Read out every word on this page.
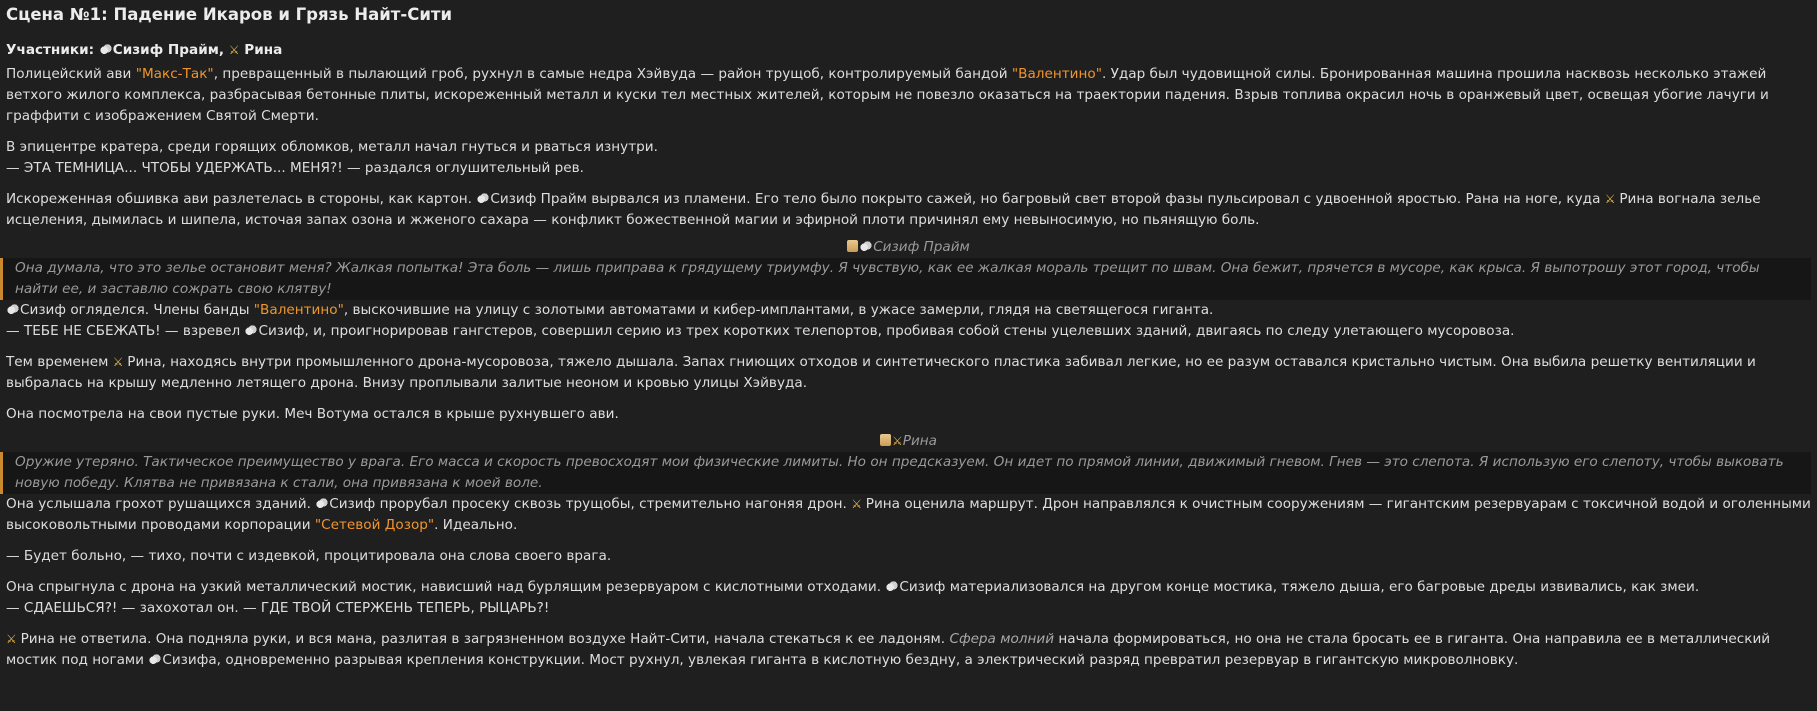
Сцена №1: Падение Икаров и Грязь Найт-Сити
Участники: Сизиф Прайм, ⚔ Рина

Полицейский ави "Макс-Так", превращенный в пылающий гроб, рухнул в самые недра Хэйвуда — район трущоб, контролируемый бандой "Валентино". Удар был чудовищной силы. Бронированная машина прошила насквозь несколько этажей ветхого жилого комплекса, разбрасывая бетонные плиты, искореженный металл и куски тел местных жителей, которым не повезло оказаться на траектории падения. Взрыв топлива окрасил ночь в оранжевый цвет, освещая убогие лачуги и граффити с изображением Святой Смерти.

В эпицентре кратера, среди горящих обломков, металл начал гнуться и рваться изнутри.
— ЭТА ТЕМНИЦА... ЧТОБЫ УДЕРЖАТЬ... МЕНЯ?! — раздался оглушительный рев.

Искореженная обшивка ави разлетелась в стороны, как картон. Сизиф Прайм вырвался из пламени. Его тело было покрыто сажей, но багровый свет второй фазы пульсировал с удвоенной яростью. Рана на ноге, куда ⚔ Рина вогнала зелье исцеления, дымилась и шипела, источая запах озона и жженого сахара — конфликт божественной магии и эфирной плоти причинял ему невыносимую, но пьянящую боль.

Сизиф Прайм
Она думала, что это зелье остановит меня? Жалкая попытка! Эта боль — лишь приправа к грядущему триумфу. Я чувствую, как ее жалкая мораль трещит по швам. Она бежит, прячется в мусоре, как крыса. Я выпотрошу этот город, чтобы найти ее, и заставлю сожрать свою клятву!

Сизиф огляделся. Члены банды "Валентино", выскочившие на улицу с золотыми автоматами и кибер-имплантами, в ужасе замерли, глядя на светящегося гиганта.

— ТЕБЕ НЕ СБЕЖАТЬ! — взревел Сизиф, и, проигнорировав гангстеров, совершил серию из трех коротких телепортов, пробивая собой стены уцелевших зданий, двигаясь по следу улетающего мусоровоза.

Тем временем ⚔ Рина, находясь внутри промышленного дрона-мусоровоза, тяжело дышала. Запах гниющих отходов и синтетического пластика забивал легкие, но ее разум оставался кристально чистым. Она выбила решетку вентиляции и выбралась на крышу медленно летящего дрона. Внизу проплывали залитые неоном и кровью улицы Хэйвуда.

Она посмотрела на свои пустые руки. Меч Вотума остался в крыше рухнувшего ави.

⚔Рина
Оружие утеряно. Тактическое преимущество у врага. Его масса и скорость превосходят мои физические лимиты. Но он предсказуем. Он идет по прямой линии, движимый гневом. Гнев — это слепота. Я использую его слепоту, чтобы выковать новую победу. Клятва не привязана к стали, она привязана к моей воле.

Она услышала грохот рушащихся зданий. Сизиф прорубал просеку сквозь трущобы, стремительно нагоняя дрон. ⚔ Рина оценила маршрут. Дрон направлялся к очистным сооружениям — гигантским резервуарам с токсичной водой и оголенными высоковольтными проводами корпорации "Сетевой Дозор". Идеально.

— Будет больно, — тихо, почти с издевкой, процитировала она слова своего врага.

Она спрыгнула с дрона на узкий металлический мостик, нависший над бурлящим резервуаром с кислотными отходами. Сизиф материализовался на другом конце мостика, тяжело дыша, его багровые дреды извивались, как змеи.
— СДАЕШЬСЯ?! — захохотал он. — ГДЕ ТВОЙ СТЕРЖЕНЬ ТЕПЕРЬ, РЫЦАРЬ?!

⚔ Рина не ответила. Она подняла руки, и вся мана, разлитая в загрязненном воздухе Найт-Сити, начала стекаться к ее ладоням. Сфера молний начала формироваться, но она не стала бросать ее в гиганта. Она направила ее в металлический мостик под ногами Сизифа, одновременно разрывая крепления конструкции. Мост рухнул, увлекая гиганта в кислотную бездну, а электрический разряд превратил резервуар в гигантскую микроволновку.
